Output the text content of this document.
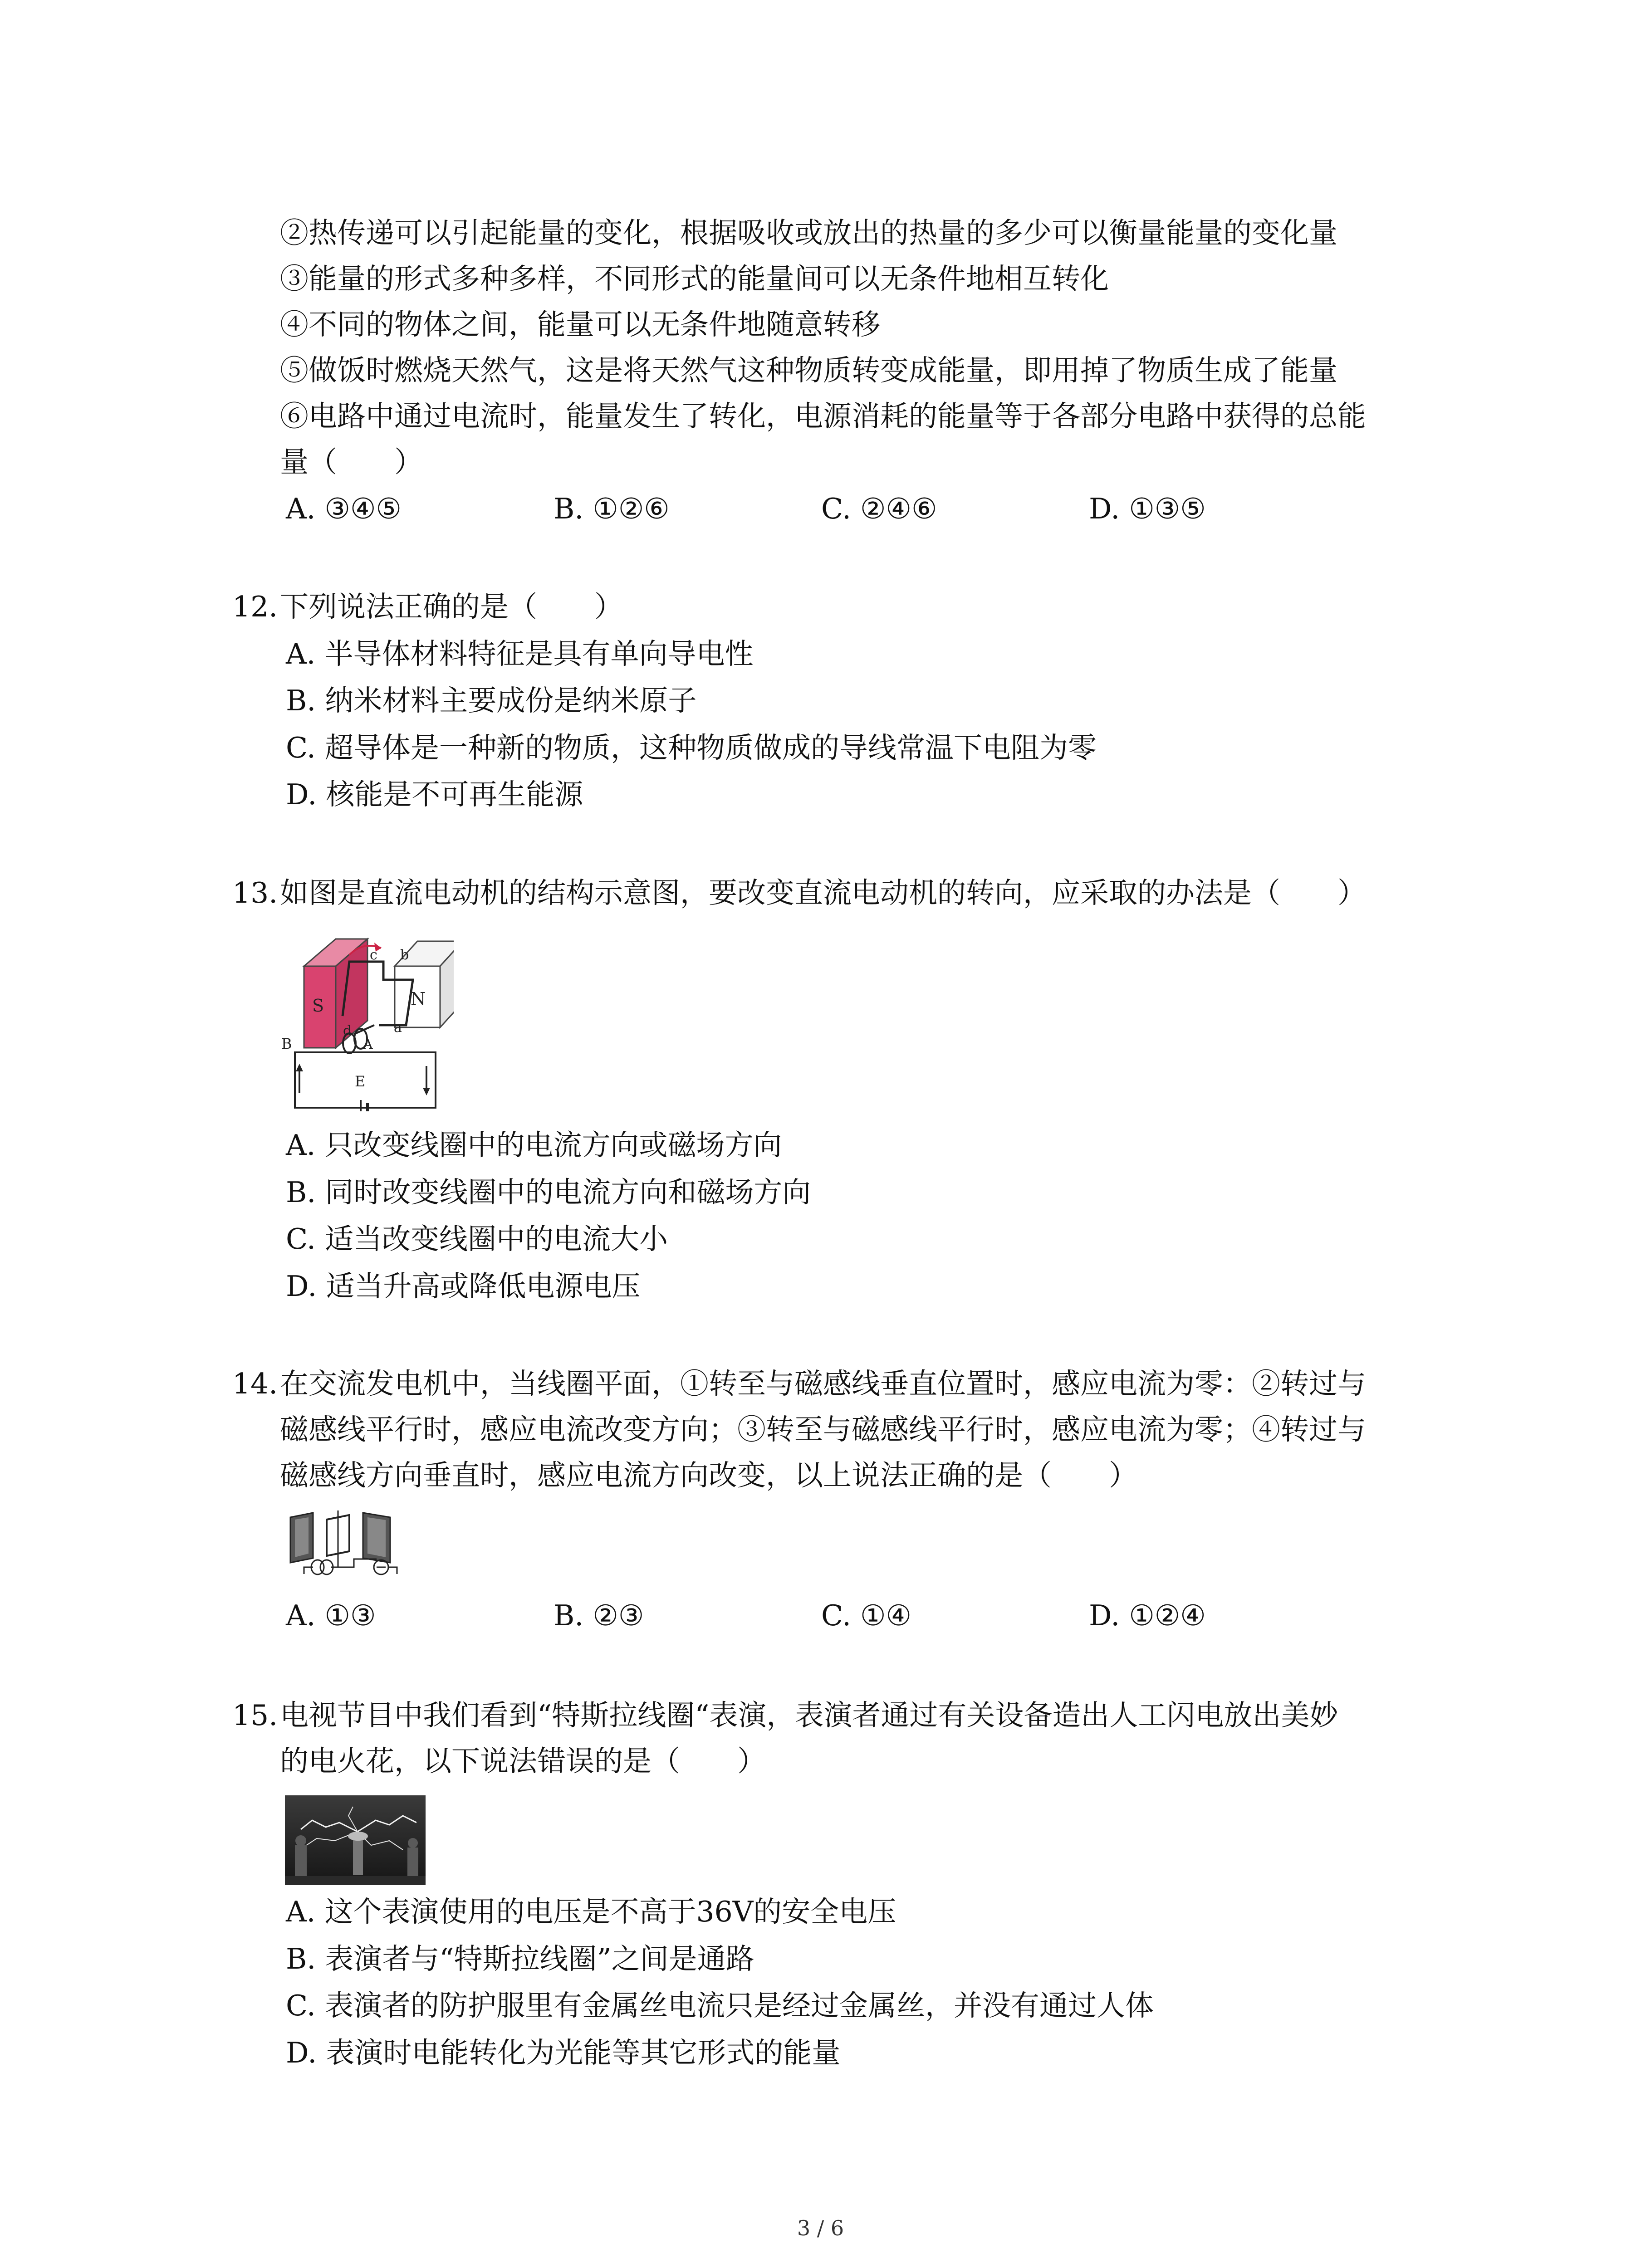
②热传递可以引起能量的变化，根据吸收或放出的热量的多少可以衡量能量的变化量
③能量的形式多种多样，不同形式的能量间可以无条件地相互转化
④不同的物体之间，能量可以无条件地随意转移
⑤做饭时燃烧天然气，这是将天然气这种物质转变成能量，即用掉了物质生成了能量
⑥电路中通过电流时，能量发生了转化，电源消耗的能量等于各部分电路中获得的总能
量（　　）
A. ③④⑤	B. ①②⑥	C. ②④⑥	D. ①③⑤
12. 下列说法正确的是（　　）
A. 半导体材料特征是具有单向导电性
B. 纳米材料主要成份是纳米原子
C. 超导体是一种新的物质，这种物质做成的导线常温下电阻为零
D. 核能是不可再生能源
13. 如图是直流电动机的结构示意图，要改变直流电动机的转向，应采取的办法是（　　）
S	N
c b
d	a
A
B
E
A. 只改变线圈中的电流方向或磁场方向
B. 同时改变线圈中的电流方向和磁场方向
C. 适当改变线圈中的电流大小
D. 适当升高或降低电源电压
14. 在交流发电机中，当线圈平面，①转至与磁感线垂直位置时，感应电流为零：②转过与
磁感线平行时，感应电流改变方向；③转至与磁感线平行时，感应电流为零；④转过与
磁感线方向垂直时，感应电流方向改变，以上说法正确的是（　　）
A. ①③	B. ②③	C. ①④	D. ①②④
15. 电视节目中我们看到“特斯拉线圈“表演，表演者通过有关设备造出人工闪电放出美妙
的电火花，以下说法错误的是（　　）
A. 这个表演使用的电压是不高于36V的安全电压
B. 表演者与“特斯拉线圈”之间是通路
C. 表演者的防护服里有金属丝电流只是经过金属丝，并没有通过人体
D. 表演时电能转化为光能等其它形式的能量
3 / 6
